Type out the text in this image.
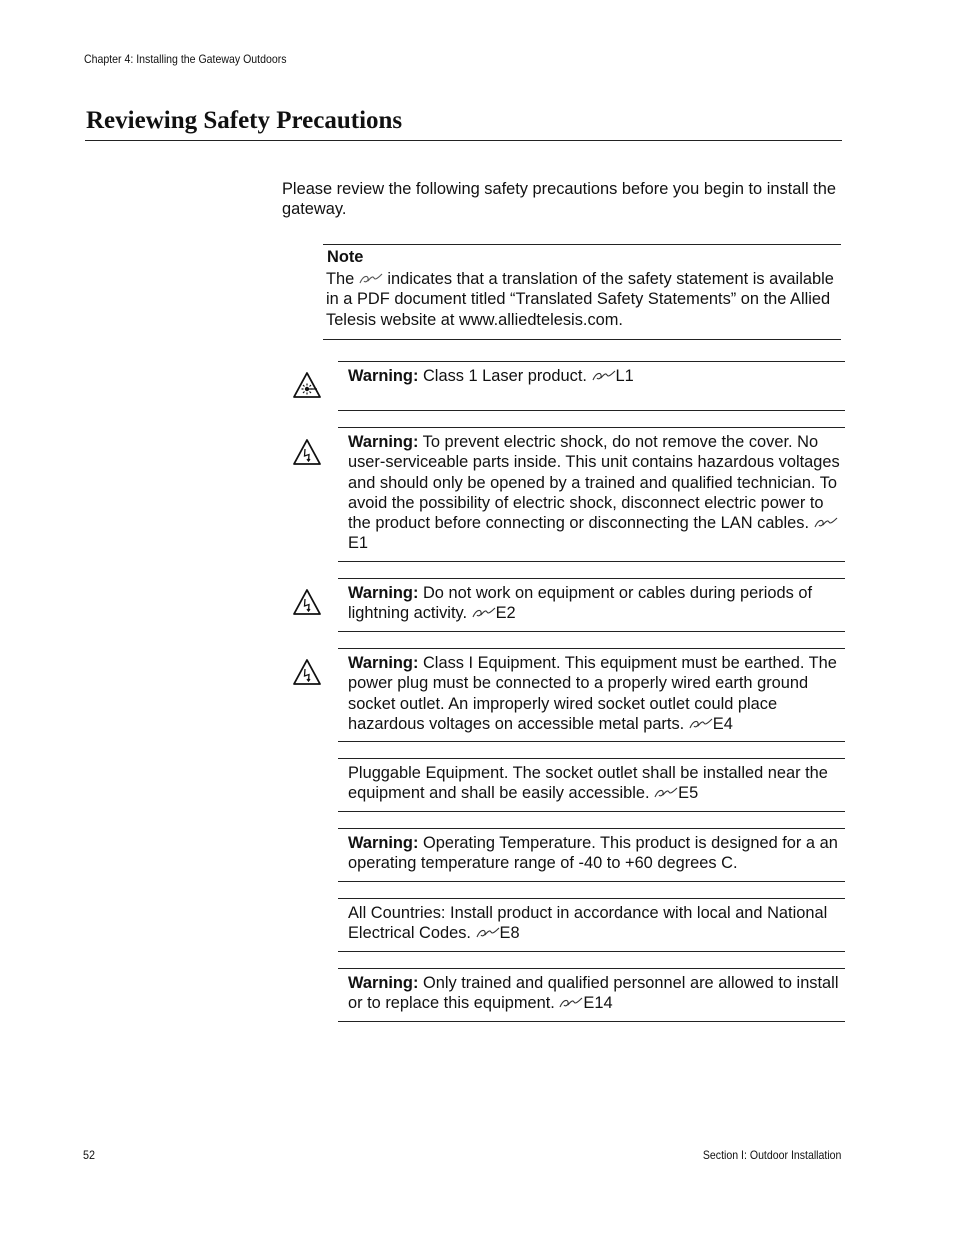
Chapter 4: Installing the Gateway Outdoors
Reviewing Safety Precautions
Please review the following safety precautions before you begin to install the gateway.
Note
The indicates that a translation of the safety statement is available in a PDF document titled “Translated Safety Statements” on the Allied Telesis website at www.alliedtelesis.com.
Warning: Class 1 Laser product. L1
Warning: To prevent electric shock, do not remove the cover. No user-serviceable parts inside. This unit contains hazardous voltages and should only be opened by a trained and qualified technician. To avoid the possibility of electric shock, disconnect electric power to the product before connecting or disconnecting the LAN cables. E1
Warning: Do not work on equipment or cables during periods of lightning activity. E2
Warning: Class I Equipment. This equipment must be earthed. The power plug must be connected to a properly wired earth ground socket outlet. An improperly wired socket outlet could place hazardous voltages on accessible metal parts. E4
Pluggable Equipment. The socket outlet shall be installed near the equipment and shall be easily accessible. E5
Warning: Operating Temperature. This product is designed for a an operating temperature range of -40 to +60 degrees C.
All Countries: Install product in accordance with local and National Electrical Codes. E8
Warning: Only trained and qualified personnel are allowed to install or to replace this equipment. E14
52	Section I: Outdoor Installation
